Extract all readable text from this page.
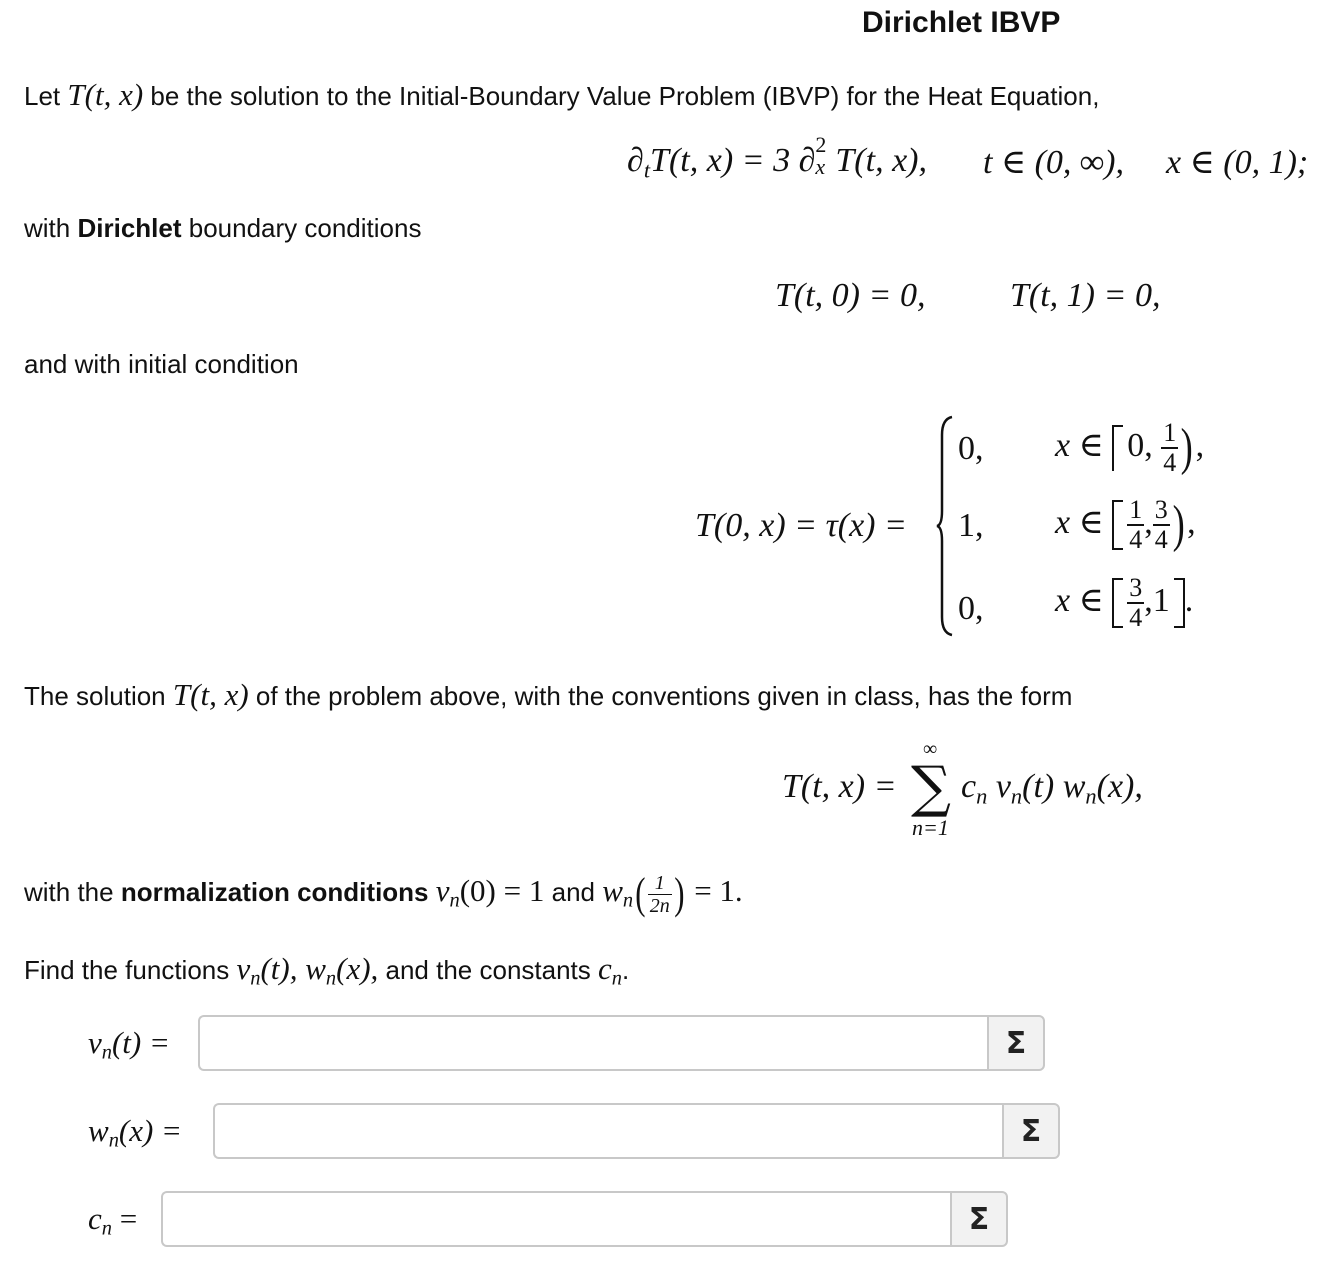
Dirichlet IBVP
Let T(t, x) be the solution to the Initial-Boundary Value Problem (IBVP) for the Heat Equation,
$\partial_tT(t$, x) = 3 ∂ 2
x T(t, x), t ∈ (0, ∞), x ∈ (0, 1);
with Dirichlet boundary conditions
T(t, 0) = 0, T(t, 1) = 0,
and with initial condition
T(0, x) = τ(x) =
0, x ∈ 0, $\frac{1}{4}$ ),
1, x ∈ $\frac{1}{4}$ , $\frac{3}{4}$ ),
0, x ∈ $\frac{3}{4} ,1$ .
The solution T(t, x) of the problem above, with the conventions given in class, has the form
T(t, x) =
∞
∑
n=1
$c_n$ $v_n(t)$ $w_n(x)$,
with the normalization conditions $v_n(0) = 1$ and $w_n( \frac{1}{2n}$ ) = 1.
Find the functions $v_n(t)$, $w_n(x)$, and the constants $c_n$.
$v_n(t)$ =	Σ
$w_n(x)$ =	Σ
$c_n$ =	Σ
